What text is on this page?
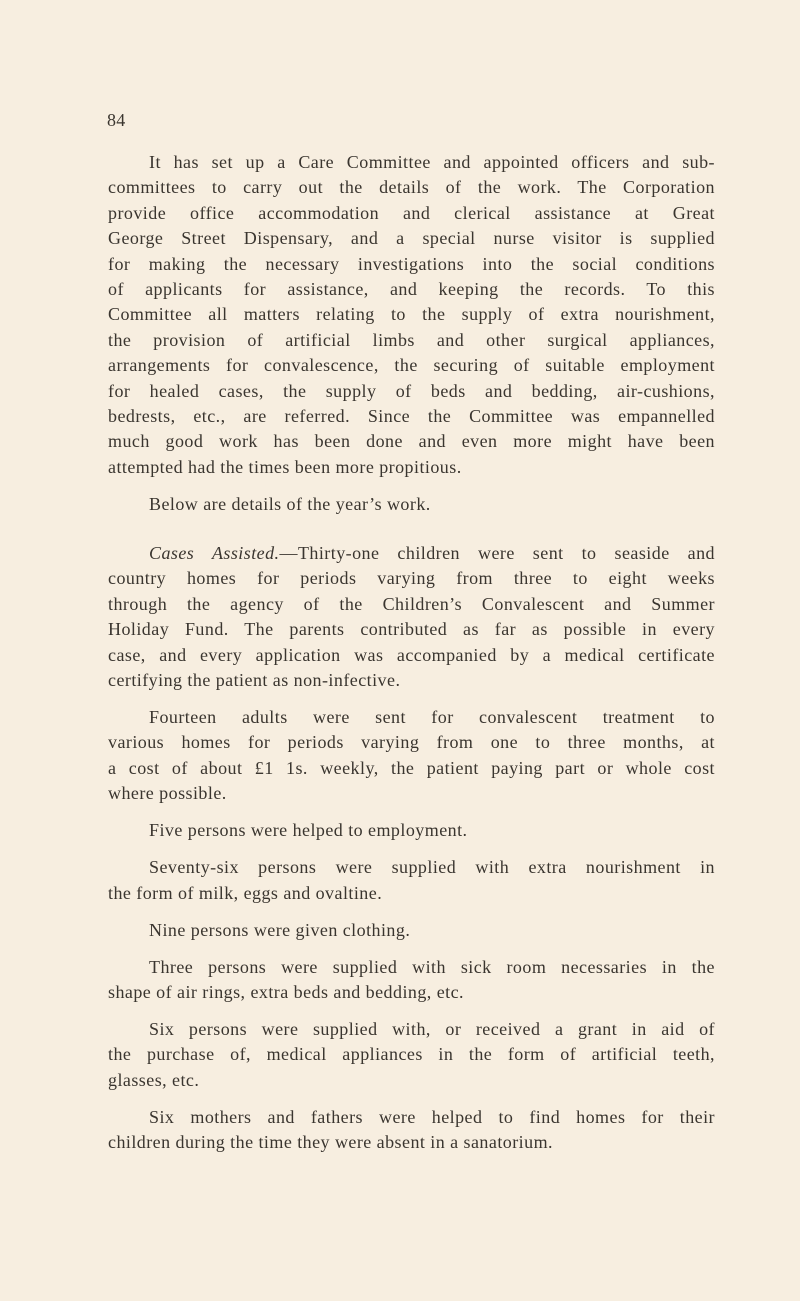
84
It has set up a Care Committee and appointed officers and sub-
committees to carry out the details of the work. The Corporation
provide office accommodation and clerical assistance at Great
George Street Dispensary, and a special nurse visitor is supplied
for making the necessary investigations into the social conditions
of applicants for assistance, and keeping the records. To this
Committee all matters relating to the supply of extra nourishment,
the provision of artificial limbs and other surgical appliances,
arrangements for convalescence, the securing of suitable employment
for healed cases, the supply of beds and bedding, air-cushions,
bedrests, etc., are referred. Since the Committee was empannelled
much good work has been done and even more might have been
attempted had the times been more propitious.
Below are details of the year’s work.
Cases Assisted.—Thirty-one children were sent to seaside and
country homes for periods varying from three to eight weeks
through the agency of the Children’s Convalescent and Summer
Holiday Fund. The parents contributed as far as possible in every
case, and every application was accompanied by a medical certificate
certifying the patient as non-infective.
Fourteen adults were sent for convalescent treatment to
various homes for periods varying from one to three months, at
a cost of about £1 1s. weekly, the patient paying part or whole cost
where possible.
Five persons were helped to employment.
Seventy-six persons were supplied with extra nourishment in
the form of milk, eggs and ovaltine.
Nine persons were given clothing.
Three persons were supplied with sick room necessaries in the
shape of air rings, extra beds and bedding, etc.
Six persons were supplied with, or received a grant in aid of
the purchase of, medical appliances in the form of artificial teeth,
glasses, etc.
Six mothers and fathers were helped to find homes for their
children during the time they were absent in a sanatorium.
